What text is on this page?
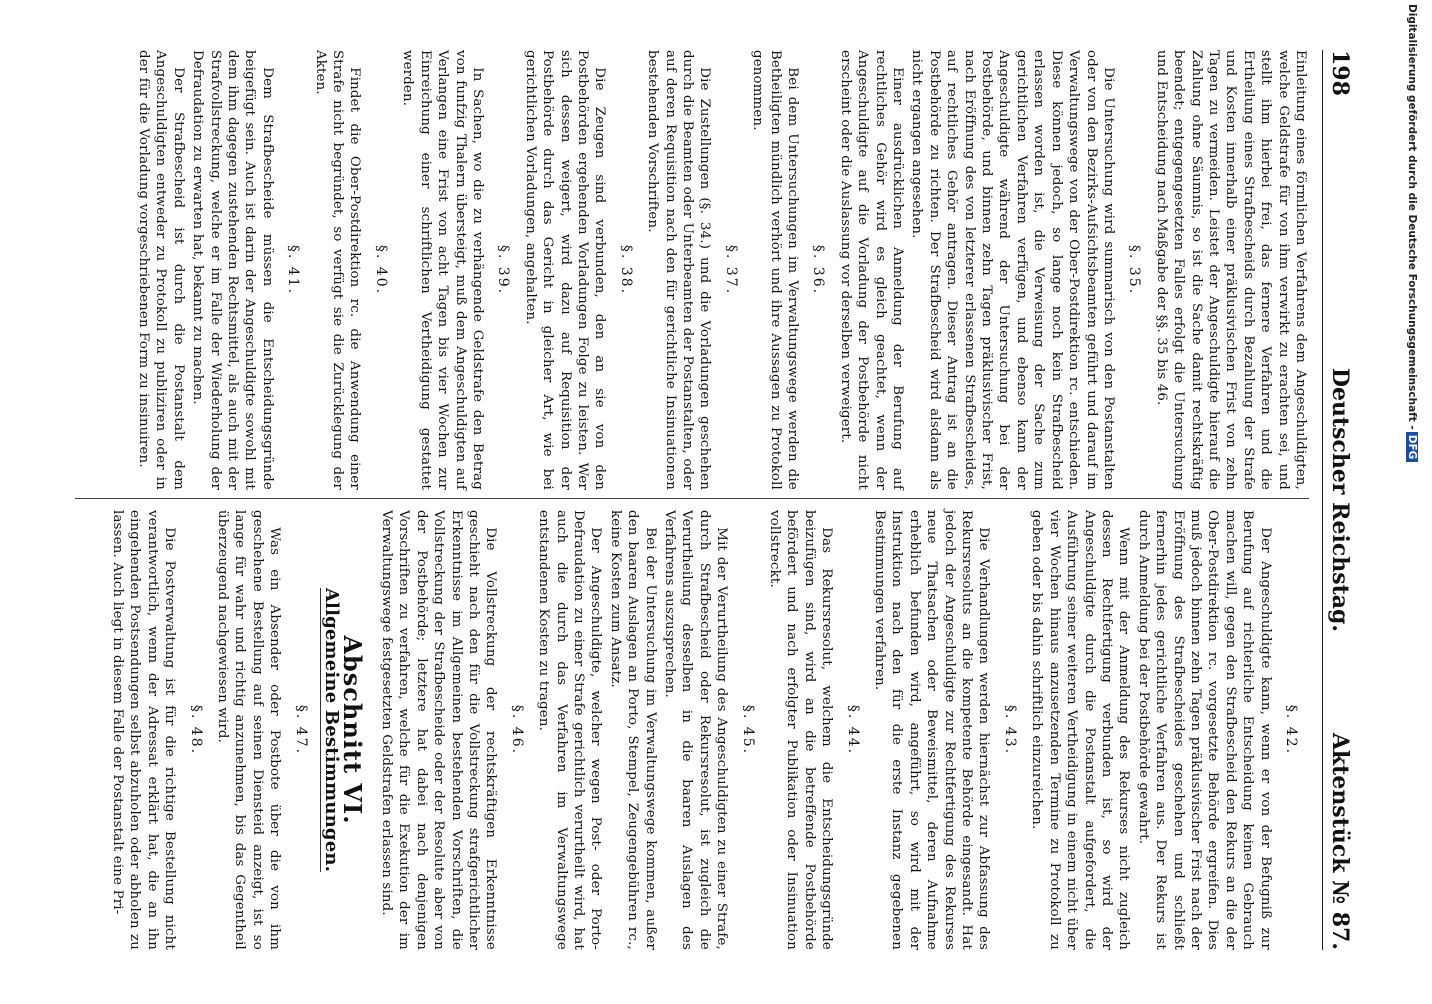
198
Deutscher Reichstag.
Aktenstück № 87.

Einleitung eines förmlichen Verfahrens dem Angeschuldigten, welche Geldstrafe für von ihm verwirkt zu erachten sei, und stellt ihm hierbei frei, das fernere Verfahren und die Ertheilung eines Strafbescheids durch Bezahlung der Strafe und Kosten innerhalb einer präklusivischen Frist von zehn Tagen zu vermeiden. Leistet der Angeschuldigte hierauf die Zahlung ohne Säumnis, so ist die Sache damit rechtskräftig beendet; entgegengesetzten Falles erfolgt die Untersuchung und Entscheidung nach Maßgabe der §§. 35 bis 46.

§. 35.

Die Untersuchung wird summarisch von den Postanstalten oder von den Bezirks-Aufsichtsbeamten geführt und darauf im Verwaltungswege von der Ober-Postdirektion rc. entschieden. Diese können jedoch, so lange noch kein Strafbescheid erlassen worden ist, die Verweisung der Sache zum gerichtlichen Verfahren verfügen, und ebenso kann der Angeschuldigte während der Untersuchung bei der Postbehörde, und binnen zehn Tagen präklusivischer Frist, nach Eröffnung des von letzterer erlassenen Strafbescheides, auf rechtliches Gehör antragen. Dieser Antrag ist an die Postbehörde zu richten. Der Strafbescheid wird alsdann als nicht ergangen angesehen.

Einer ausdrücklichen Anmeldung der Berufung auf rechtliches Gehör wird es gleich geachtet, wenn der Angeschuldigte auf die Vorladung der Postbehörde nicht erscheint oder die Auslassung vor derselben verweigert.

§. 36.

Bei dem Untersuchungen im Verwaltungswege werden die Betheiligten mündlich verhört und ihre Aussagen zu Protokoll genommen.

§. 37.

Die Zustellungen (§. 34.) und die Vorladungen geschehen durch die Beamten oder Unterbeamten der Postanstalten, oder auf deren Requisition nach den für gerichtliche Insinuationen bestehenden Vorschriften.

§. 38.

Die Zeugen sind verbunden, den an sie von den Postbehörden ergehenden Vorladungen Folge zu leisten. Wer sich dessen weigert, wird dazu auf Requisition der Postbehörde durch das Gericht in gleicher Art, wie bei gerichtlichen Vorladungen, angehalten.

§. 39.

In Sachen, wo die zu verhängende Geldstrafe den Betrag von funfzig Thalern übersteigt, muß dem Angeschuldigten auf Verlangen eine Frist von acht Tagen bis vier Wochen zur Einreichung einer schriftlichen Vertheidigung gestattet werden.

§. 40.

Findet die Ober-Postdirektion rc. die Anwendung einer Strafe nicht begründet, so verfügt sie die Zurücklegung der Akten.

§. 41.

Dem Strafbescheide müssen die Entscheidungsgründe beigefügt sein. Auch ist darin der Angeschuldigte sowohl mit dem ihm dagegen zustehenden Rechtsmittel, als auch mit der Strafvollstreckung, welche er im Falle der Wiederholung der Defraudation zu erwarten hat, bekannt zu machen.

Der Strafbescheid ist durch die Postanstalt dem Angeschuldigten entweder zu Protokoll zu publiziren oder in der für die Vorladung vorgeschriebenen Form zu insinuiren.

§. 42.

Der Angeschuldigte kann, wenn er von der Befugniß zur Berufung auf richterliche Entscheidung keinen Gebrauch machen will, gegen den Strafbescheid den Rekurs an die der Ober-Postdirektion rc. vorgesetzte Behörde ergreifen. Dies muß jedoch binnen zehn Tagen präklusivischer Frist nach der Eröffnung des Strafbescheides geschehen und schließt fernerhin jedes gerichtliche Verfahren aus. Der Rekurs ist durch Anmeldung bei der Postbehörde gewahrt.

Wenn mit der Anmeldung des Rekurses nicht zugleich dessen Rechtfertigung verbunden ist, so wird der Angeschuldigte durch die Postanstalt aufgefordert, die Ausführung seiner weiteren Vertheidigung in einem nicht über vier Wochen hinaus anzusetzenden Termine zu Protokoll zu geben oder bis dahin schriftlich einzureichen.

§. 43.

Die Verhandlungen werden hiernächst zur Abfassung des Rekursresoluts an die kompetente Behörde eingesandt. Hat jedoch der Angeschuldigte zur Rechtfertigung des Rekurses neue Thatsachen oder Beweismittel, deren Aufnahme erheblich befunden wird, angeführt, so wird mit der Instruktion nach den für die erste Instanz gegebenen Bestimmungen verfahren.

§. 44.

Das Rekursresolut, welchem die Entscheidungsgründe beizufügen sind, wird an die betreffende Postbehörde befördert und nach erfolgter Publikation oder Insinuation vollstreckt.

§. 45.

Mit der Verurtheilung des Angeschuldigten zu einer Strafe, durch Strafbescheid oder Rekursresolut, ist zugleich die Verurtheilung desselben in die baaren Auslagen des Verfahrens auszusprechen.

Bei der Untersuchung im Verwaltungswege kommen, außer den baaren Auslagen an Porto, Stempel, Zeugengebühren rc., keine Kosten zum Ansatz.

Der Angeschuldigte, welcher wegen Post- oder Porto-Defraudation zu einer Strafe gerichtlich verurtheilt wird, hat auch die durch das Verfahren im Verwaltungswege entstandenen Kosten zu tragen.

§. 46.

Die Vollstreckung der rechtskräftigen Erkenntnisse geschieht nach den für die Vollstreckung strafgerichtlicher Erkenntnisse im Allgemeinen bestehenden Vorschriften, die Vollstreckung der Strafbescheide oder der Resolute aber von der Postbehörde; letztere hat dabei nach denjenigen Vorschriften zu verfahren, welche für die Exekution der im Verwaltungswege festgesetzten Geldstrafen erlassen sind.

Abschnitt VI.
Allgemeine Bestimmungen.
§. 47.

Was ein Absender oder Postbote über die von ihm geschehene Bestellung auf seinen Diensteid anzeigt, ist so lange für wahr und richtig anzunehmen, bis das Gegentheil überzeugend nachgewiesen wird.

§. 48.

Die Postverwaltung ist für die richtige Bestellung nicht verantwortlich, wenn der Adressat erklärt hat, die an ihn eingehenden Postsendungen selbst abzuholen oder abholen zu lassen. Auch liegt in diesem Falle der Postanstalt eine Pri-

Digitalisierung gefördert durch die Deutsche Forschungsgemeinschaft -DFG
